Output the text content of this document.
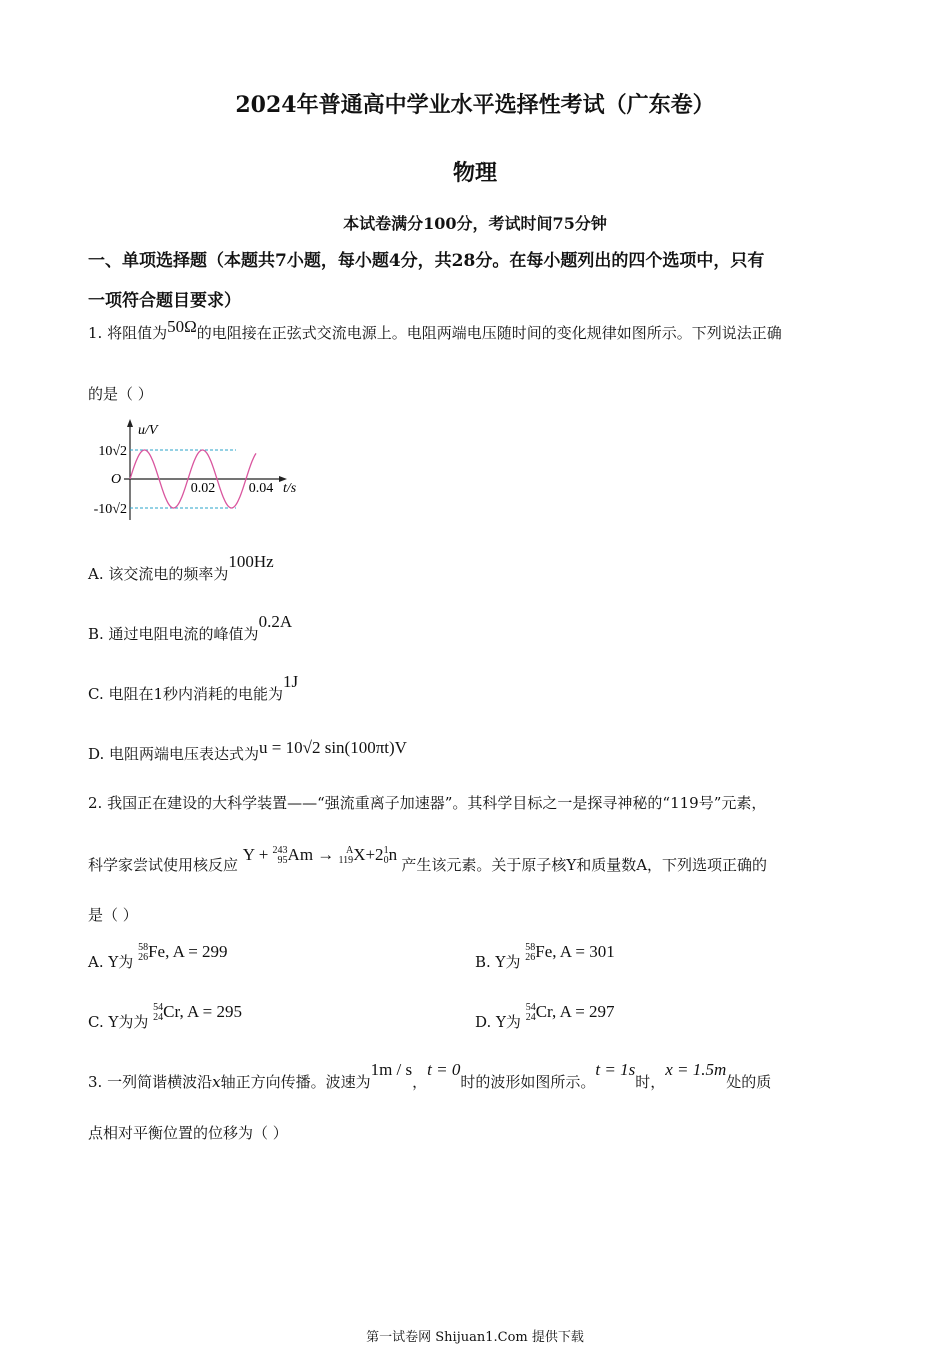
2024年普通高中学业水平选择性考试（广东卷）
物理
本试卷满分100分，考试时间75分钟
一、单项选择题（本题共7小题，每小题4分，共28分。在每小题列出的四个选项中，只有
一项符合题目要求）
1. 将阻值为50Ω的电阻接在正弦式交流电源上。电阻两端电压随时间的变化规律如图所示。下列说法正确
的是（ ）
u/V
O
10√2
-10√2
0.02 0.04 t/s
A. 该交流电的频率为100Hz
B. 通过电阻电流的峰值为0.2A
C. 电阻在1秒内消耗的电能为1J
D. 电阻两端电压表达式为u = 10√2 sin(100πt)V
2. 我国正在建设的大科学装置——“强流重离子加速器”。其科学目标之一是探寻神秘的“119号”元素，
科学家尝试使用核反应 Y + 243
95 Am →	A
119 X+2 1
0 n 产生该元素。关于原子核Y和质量数A，下列选项正确的
是（ ）
A. Y为
58
26 Fe, A = 299
B. Y为
58
26 Fe, A = 301
C. Y为为
54
24 Cr, A = 295
D. Y为
54
24 Cr, A = 297
3. 一列简谐横波沿x轴正方向传播。波速为1m / s，t = 0时的波形如图所示。t = 1s时，x = 1.5m处的质
点相对平衡位置的位移为（ ）
第一试卷网 Shijuan1.Com 提供下载
